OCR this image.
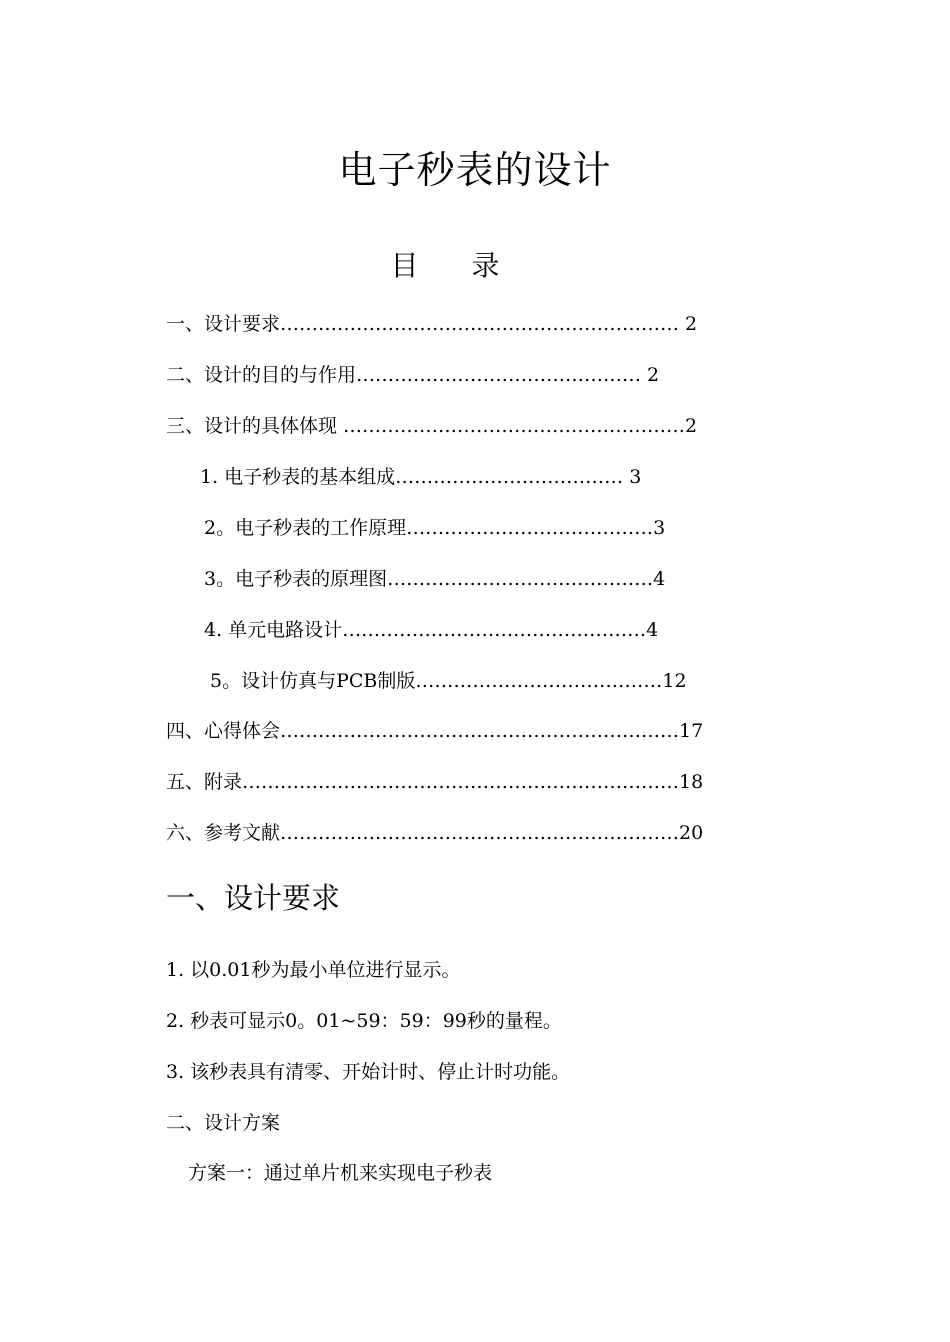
电子秒表的设计
目 录
一、设计要求……………………………………………………… 2
二、设计的目的与作用……………………………………… 2
三、设计的具体体现 ………………………………………………2
1. 电子秒表的基本组成……………………………… 3
2。电子秒表的工作原理…………………………………3
3。电子秒表的原理图……………………………………4
4. 单元电路设计…………………………………………4
5。设计仿真与PCB制版…………………………………12
四、心得体会………………………………………………………17
五、附录……………………………………………………………18
六、参考文献………………………………………………………20
一、设计要求
1. 以0.01秒为最小单位进行显示。
2. 秒表可显示0。01~59：59：99秒的量程。
3. 该秒表具有清零、开始计时、停止计时功能。
二、设计方案
方案一：通过单片机来实现电子秒表
